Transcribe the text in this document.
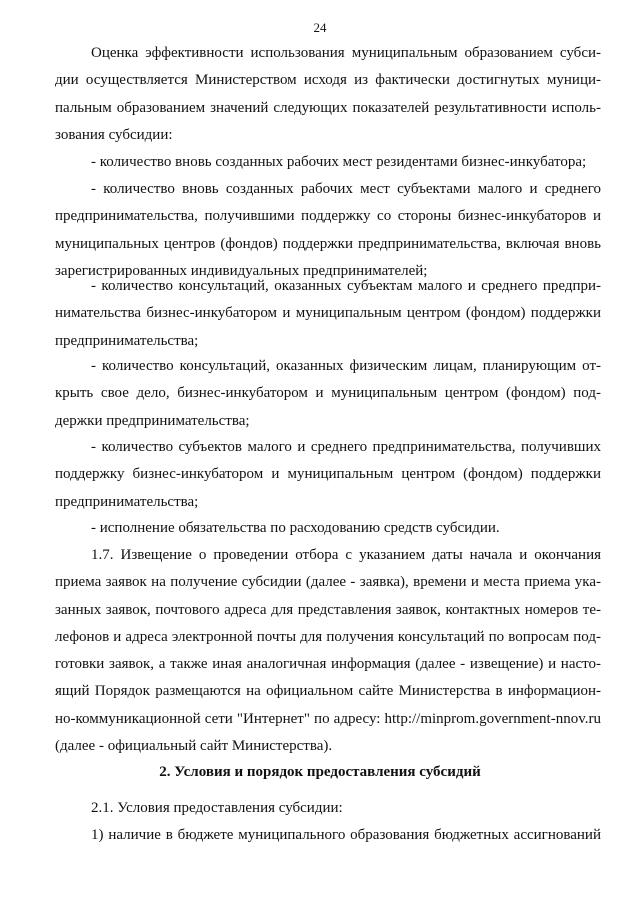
24
Оценка эффективности использования муниципальным образованием субси-
дии осуществляется Министерством исходя из фактически достигнутых муници-
пальным образованием значений следующих показателей результативности исполь-
зования субсидии:
- количество вновь созданных рабочих мест резидентами бизнес-инкубатора;
- количество вновь созданных рабочих мест субъектами малого и среднего
предпринимательства, получившими поддержку со стороны бизнес-инкубаторов и
муниципальных центров (фондов) поддержки предпринимательства, включая вновь
зарегистрированных индивидуальных предпринимателей;
- количество консультаций, оказанных субъектам малого и среднего предпри-
нимательства бизнес-инкубатором и муниципальным центром (фондом) поддержки
предпринимательства;
- количество консультаций, оказанных физическим лицам, планирующим от-
крыть свое дело, бизнес-инкубатором и муниципальным центром (фондом) под-
держки предпринимательства;
- количество субъектов малого и среднего предпринимательства, получивших
поддержку бизнес-инкубатором и муниципальным центром (фондом) поддержки
предпринимательства;
- исполнение обязательства по расходованию средств субсидии.
1.7. Извещение о проведении отбора с указанием даты начала и окончания
приема заявок на получение субсидии (далее - заявка), времени и места приема ука-
занных заявок, почтового адреса для представления заявок, контактных номеров те-
лефонов и адреса электронной почты для получения консультаций по вопросам под-
готовки заявок, а также иная аналогичная информация (далее - извещение) и насто-
ящий Порядок размещаются на официальном сайте Министерства в информацион-
но-коммуникационной сети "Интернет" по адресу: http://minprom.government-nnov.ru
(далее - официальный сайт Министерства).
2. Условия и порядок предоставления субсидий
2.1. Условия предоставления субсидии:
1) наличие в бюджете муниципального образования бюджетных ассигнований
